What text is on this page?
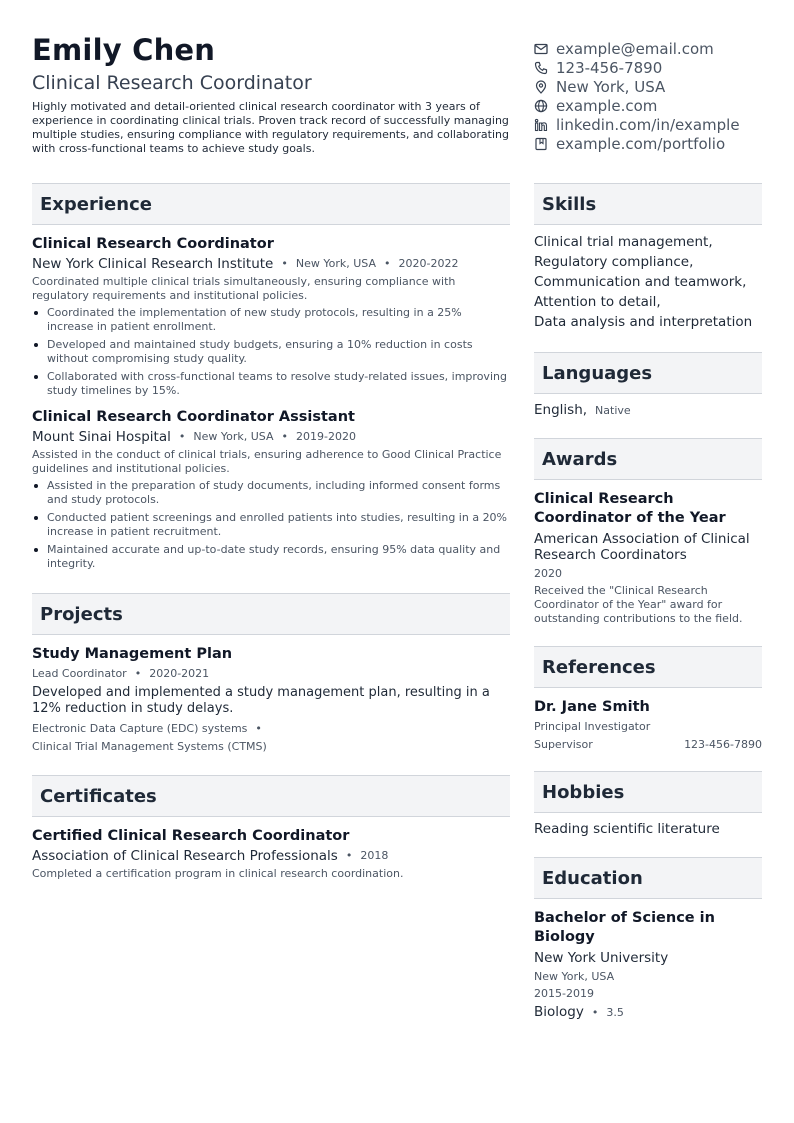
Emily Chen
Clinical Research Coordinator
Highly motivated and detail-oriented clinical research coordinator with 3 years of experience in coordinating clinical trials. Proven track record of successfully managing multiple studies, ensuring compliance with regulatory requirements, and collaborating with cross-functional teams to achieve study goals.
example@email.com
123-456-7890
New York, USA
example.com
linkedin.com/in/example
example.com/portfolio
Experience
Clinical Research Coordinator
New York Clinical Research Institute • New York, USA • 2020-2022
Coordinated multiple clinical trials simultaneously, ensuring compliance with regulatory requirements and institutional policies.
Coordinated the implementation of new study protocols, resulting in a 25% increase in patient enrollment.
Developed and maintained study budgets, ensuring a 10% reduction in costs without compromising study quality.
Collaborated with cross-functional teams to resolve study-related issues, improving study timelines by 15%.
Clinical Research Coordinator Assistant
Mount Sinai Hospital • New York, USA • 2019-2020
Assisted in the conduct of clinical trials, ensuring adherence to Good Clinical Practice guidelines and institutional policies.
Assisted in the preparation of study documents, including informed consent forms and study protocols.
Conducted patient screenings and enrolled patients into studies, resulting in a 20% increase in patient recruitment.
Maintained accurate and up-to-date study records, ensuring 95% data quality and integrity.
Projects
Study Management Plan
Lead Coordinator • 2020-2021
Developed and implemented a study management plan, resulting in a 12% reduction in study delays.
Electronic Data Capture (EDC) systems •
Clinical Trial Management Systems (CTMS)
Certificates
Certified Clinical Research Coordinator
Association of Clinical Research Professionals • 2018
Completed a certification program in clinical research coordination.
Skills
Clinical trial management,
Regulatory compliance,
Communication and teamwork,
Attention to detail,
Data analysis and interpretation
Languages
English, Native
Awards
Clinical Research Coordinator of the Year
American Association of Clinical Research Coordinators
2020
Received the "Clinical Research Coordinator of the Year" award for outstanding contributions to the field.
References
Dr. Jane Smith
Principal Investigator
Supervisor	123-456-7890
Hobbies
Reading scientific literature
Education
Bachelor of Science in Biology
New York University
New York, USA
2015-2019
Biology • 3.5
